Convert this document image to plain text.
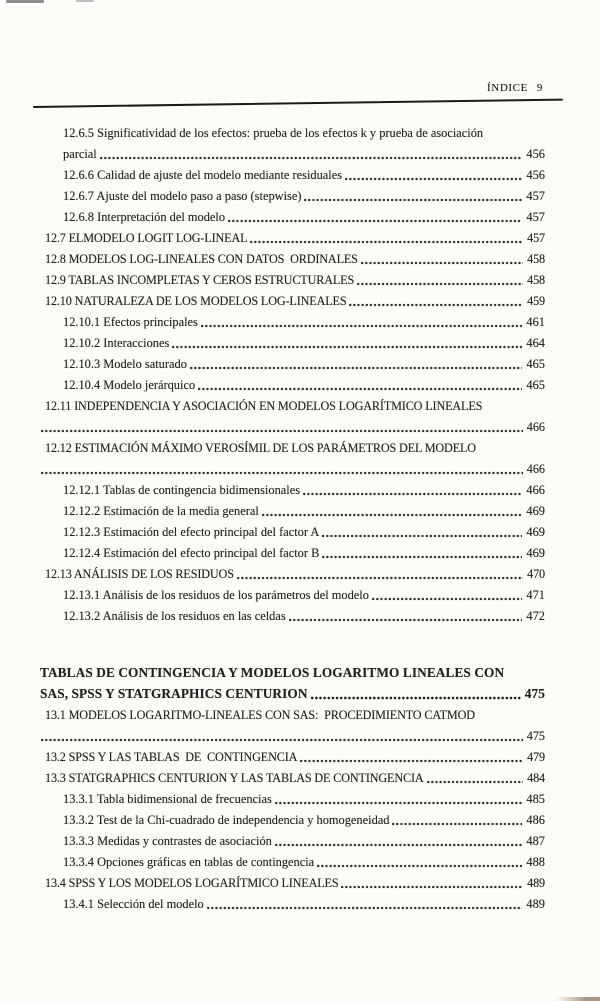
ÍNDICE 9
12.6.5 Significatividad de los efectos: prueba de los efectos k y prueba de asociación
parcial	456
12.6.6 Calidad de ajuste del modelo mediante residuales	456
12.6.7 Ajuste del modelo paso a paso (stepwise)	457
12.6.8 Interpretación del modelo	457
12.7 ELMODELO LOGIT LOG-LINEAL	457
12.8 MODELOS LOG-LINEALES CON DATOS  ORDINALES	458
12.9 TABLAS INCOMPLETAS Y CEROS ESTRUCTURALES	458
12.10 NATURALEZA DE LOS MODELOS LOG-LINEALES	459
12.10.1 Efectos principales	461
12.10.2 Interacciones	464
12.10.3 Modelo saturado	465
12.10.4 Modelo jerárquico	465
12.11 INDEPENDENCIA Y ASOCIACIÓN EN MODELOS LOGARÍTMICO LINEALES
466
12.12 ESTIMACIÓN MÁXIMO VEROSÍMIL DE LOS PARÁMETROS DEL MODELO
466
12.12.1 Tablas de contingencia bidimensionales	466
12.12.2 Estimación de la media general	469
12.12.3 Estimación del efecto principal del factor A	469
12.12.4 Estimación del efecto principal del factor B	469
12.13 ANÁLISIS DE LOS RESIDUOS	470
12.13.1 Análisis de los residuos de los parámetros del modelo	471
12.13.2 Análisis de los residuos en las celdas	472
TABLAS DE CONTINGENCIA Y MODELOS LOGARITMO LINEALES CON
SAS, SPSS Y STATGRAPHICS CENTURION	475
13.1 MODELOS LOGARITMO-LINEALES CON SAS:  PROCEDIMIENTO CATMOD
475
13.2 SPSS Y LAS TABLAS  DE  CONTINGENCIA	479
13.3 STATGRAPHICS CENTURION Y LAS TABLAS DE CONTINGENCIA	484
13.3.1 Tabla bidimensional de frecuencias	485
13.3.2 Test de la Chi-cuadrado de independencia y homogeneidad	486
13.3.3 Medidas y contrastes de asociación	487
13.3.4 Opciones gráficas en tablas de contingencia	488
13.4 SPSS Y LOS MODELOS LOGARÍTMICO LINEALES	489
13.4.1 Selección del modelo	489
